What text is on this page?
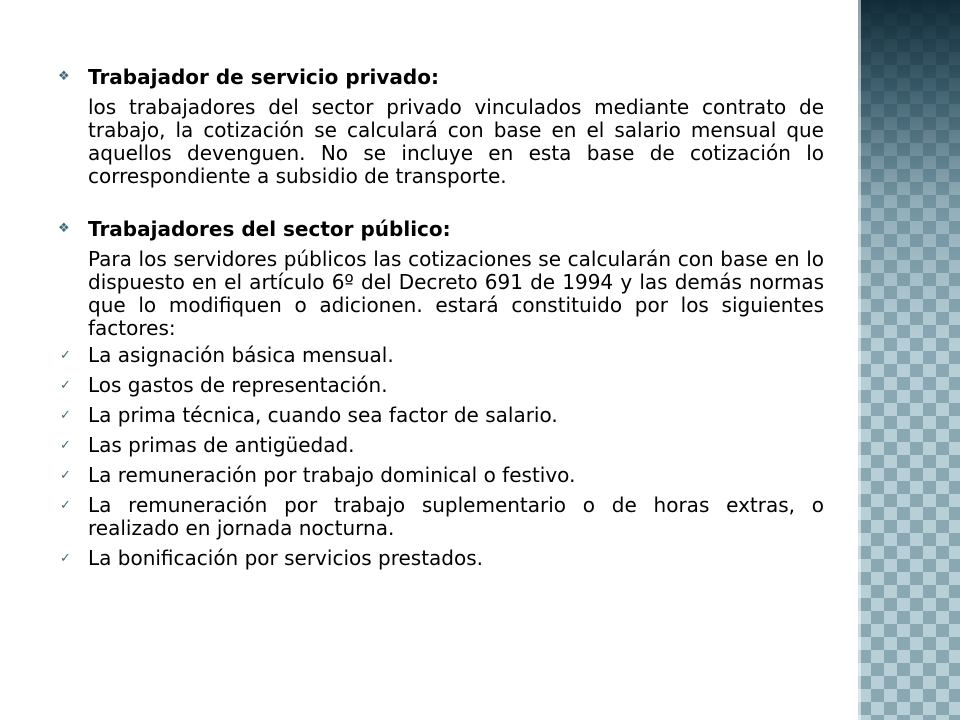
❖ Trabajador de servicio privado:

los trabajadores del sector privado vinculados mediante contrato de trabajo, la cotización se calculará con base en el salario mensual que aquellos devenguen. No se incluye en esta base de cotización lo correspondiente a subsidio de transporte.

❖ Trabajadores del sector público:

Para los servidores públicos las cotizaciones se calcularán con base en lo dispuesto en el artículo 6º del Decreto 691 de 1994 y las demás normas que lo modifiquen o adicionen. estará constituido por los siguientes factores:

✓ La asignación básica mensual.
✓ Los gastos de representación.
✓ La prima técnica, cuando sea factor de salario.
✓ Las primas de antigüedad.
✓ La remuneración por trabajo dominical o festivo.
✓ La remuneración por trabajo suplementario o de horas extras, o realizado en jornada nocturna.
✓ La bonificación por servicios prestados.
